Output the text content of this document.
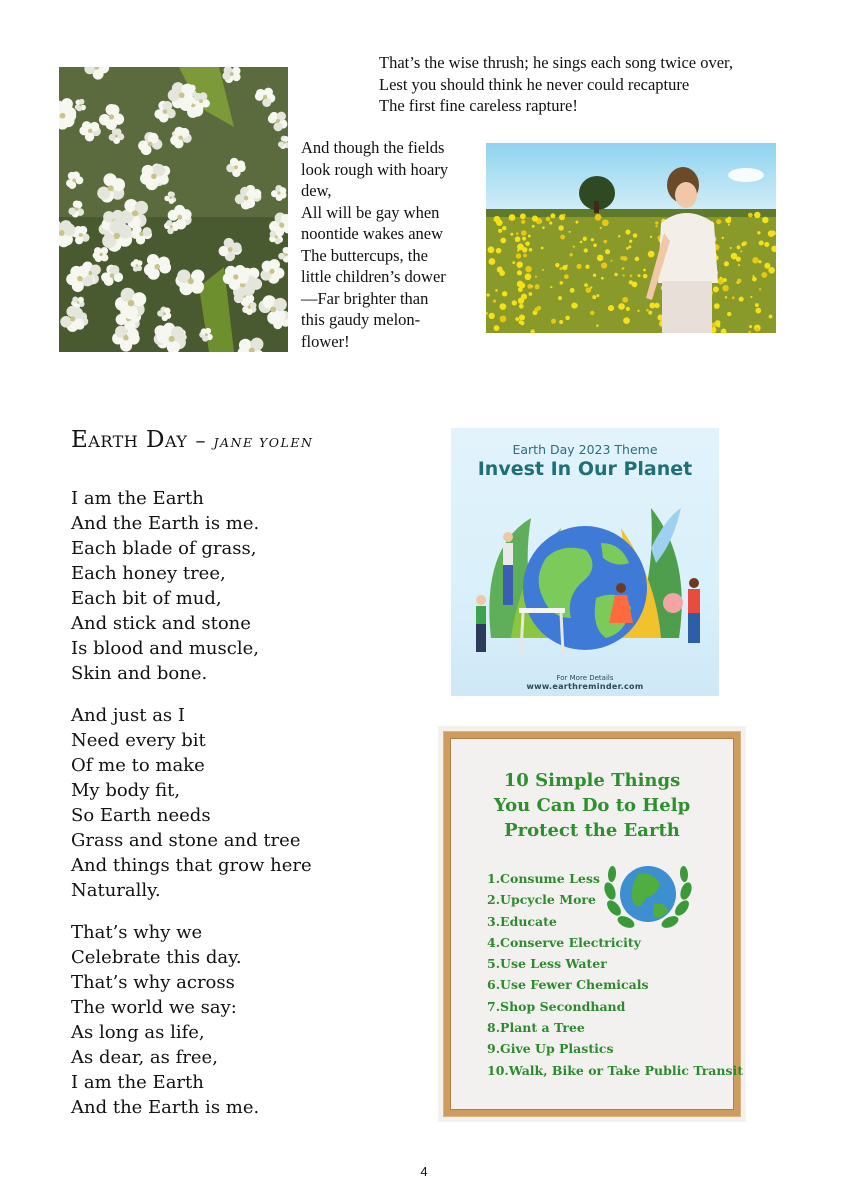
That’s the wise thrush; he sings each song twice over,
Lest you should think he never could recapture
The first fine careless rapture!
And though the fields
look rough with hoary
dew,
All will be gay when
noontide wakes anew
The buttercups, the
little children’s dower
—Far brighter than
this gaudy melon-
flower!
Earth Day – JANE YOLEN
I am the Earth
And the Earth is me.
Each blade of grass,
Each honey tree,
Each bit of mud,
And stick and stone
Is blood and muscle,
Skin and bone.
And just as I
Need every bit
Of me to make
My body fit,
So Earth needs
Grass and stone and tree
And things that grow here
Naturally.
That’s why we
Celebrate this day.
That’s why across
The world we say:
As long as life,
As dear, as free,
I am the Earth
And the Earth is me.
Earth Day 2023 Theme
Invest In Our Planet
For More Details
www.earthreminder.com
10 Simple Things
You Can Do to Help
Protect the Earth
1.Consume Less
2.Upcycle More
3.Educate
4.Conserve Electricity
5.Use Less Water
6.Use Fewer Chemicals
7.Shop Secondhand
8.Plant a Tree
9.Give Up Plastics
10.Walk, Bike or Take Public Transit
4
